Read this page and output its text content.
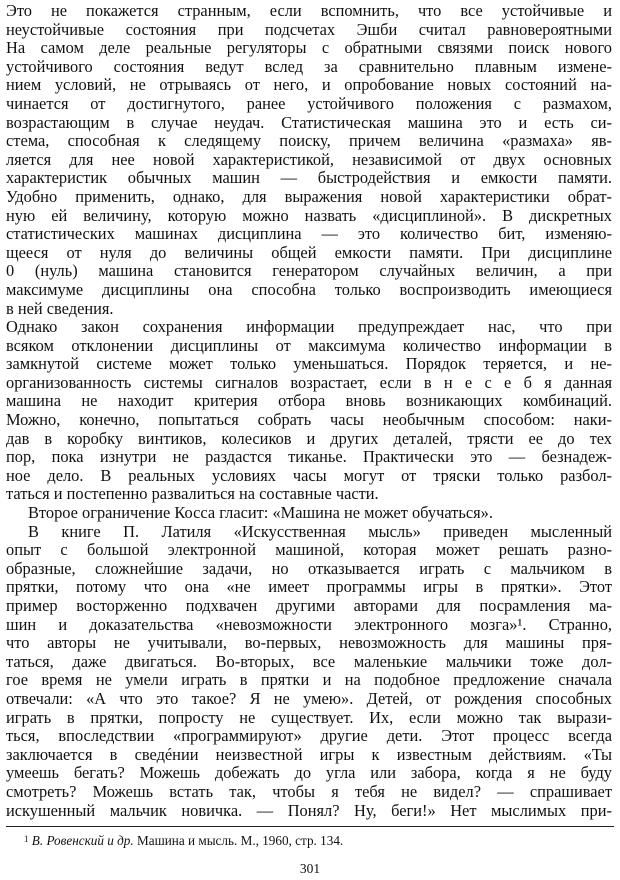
Это не покажется странным, если вспомнить, что все устойчивые и
неустойчивые состояния при подсчетах Эшби считал равновероятными
На самом деле реальные регуляторы с обратными связями поиск нового
устойчивого состояния ведут вслед за сравнительно плавным измене-
нием условий, не отрываясь от него, и опробование новых состояний на-
чинается от достигнутого, ранее устойчивого положения с размахом,
возрастающим в случае неудач. Статистическая машина это и есть си-
стема, способная к следящему поиску, причем величина «размаха» яв-
ляется для нее новой характеристикой, независимой от двух основных
характеристик обычных машин — быстродействия и емкости памяти.
Удобно применить, однако, для выражения новой характеристики обрат-
ную ей величину, которую можно назвать «дисциплиной». В дискретных
статистических машинах дисциплина — это количество бит, изменяю-
щееся от нуля до величины общей емкости памяти. При дисциплине
0 (нуль) машина становится генератором случайных величин, а при
максимуме дисциплины она способна только воспроизводить имеющиеся
в ней сведения.
Однако закон сохранения информации предупреждает нас, что при
всяком отклонении дисциплины от максимума количество информации в
замкнутой системе может только уменьшаться. Порядок теряется, и не-
организованность системы сигналов возрастает, если в н е с е б я данная
машина не находит критерия отбора вновь возникающих комбинаций.
Можно, конечно, попытаться собрать часы необычным способом: наки-
дав в коробку винтиков, колесиков и других деталей, трясти ее до тех
пор, пока изнутри не раздастся тиканье. Практически это — безнадеж-
ное дело. В реальных условиях часы могут от тряски только разбол-
таться и постепенно развалиться на составные части.
Второе ограничение Косса гласит: «Машина не может обучаться».
В книге П. Латиля «Искусственная мысль» приведен мысленный
опыт с большой электронной машиной, которая может решать разно-
образные, сложнейшие задачи, но отказывается играть с мальчиком в
прятки, потому что она «не имеет программы игры в прятки». Этот
пример восторженно подхвачен другими авторами для посрамления ма-
шин и доказательства «невозможности электронного мозга»¹. Странно,
что авторы не учитывали, во-первых, невозможность для машины пря-
таться, даже двигаться. Во-вторых, все маленькие мальчики тоже дол-
гое время не умели играть в прятки и на подобное предложение сначала
отвечали: «А что это такое? Я не умею». Детей, от рождения способных
играть в прятки, попросту не существует. Их, если можно так вырази-
ться, впоследствии «программируют» другие дети. Этот процесс всегда
заключается в сведéнии неизвестной игры к известным действиям. «Ты
умеешь бегать? Можешь добежать до угла или забора, когда я не буду
смотреть? Можешь встать так, чтобы я тебя не видел? — спрашивает
искушенный мальчик новичка. — Понял? Ну, беги!» Нет мыслимых при-
$^1$ В. Ровенский и др. Машина и мысль. М., 1960, стр. 134.
301
